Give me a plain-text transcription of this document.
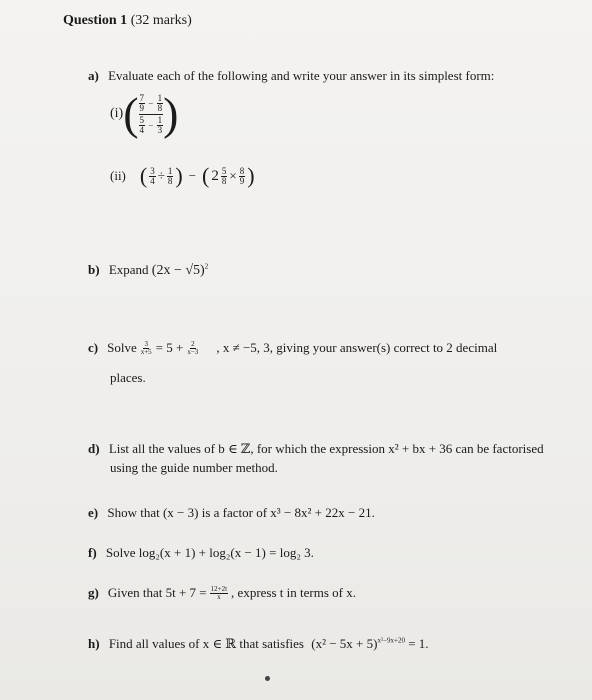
Question 1 (32 marks)
a) Evaluate each of the following and write your answer in its simplest form:
(i) ( $\frac{7}{9} - \frac{1}{8}$
$\frac{5}{4} - \frac{1}{3}$ )
(ii) ( $\frac{3}{4} \div \frac{1}{8}$ ) − ( $2 \frac{5}{8} \times \frac{8}{9}$ )
b) Expand $(2x - √5)^2$
c) Solve $\frac{3}{x+5} = 5 + \frac{2}{x-3}$ , x ≠ −5, 3, giving your answer(s) correct to 2 decimal
places.
d) List all the values of b ∈ ℤ, for which the expression x² + bx + 36 can be factorised
using the guide number method.
e) Show that (x − 3) is a factor of x³ − 8x² + 22x − 21.
f) Solve log₂(x + 1) + log₂(x − 1) = log₂ 3.
g) Given that $5t + 7 = \frac{12+2t}{x}$ , express t in terms of x.
h) Find all values of x ∈ ℝ that satisfies $(x^2 - 5x + 5)^{x^2-9x+20} = 1$.
